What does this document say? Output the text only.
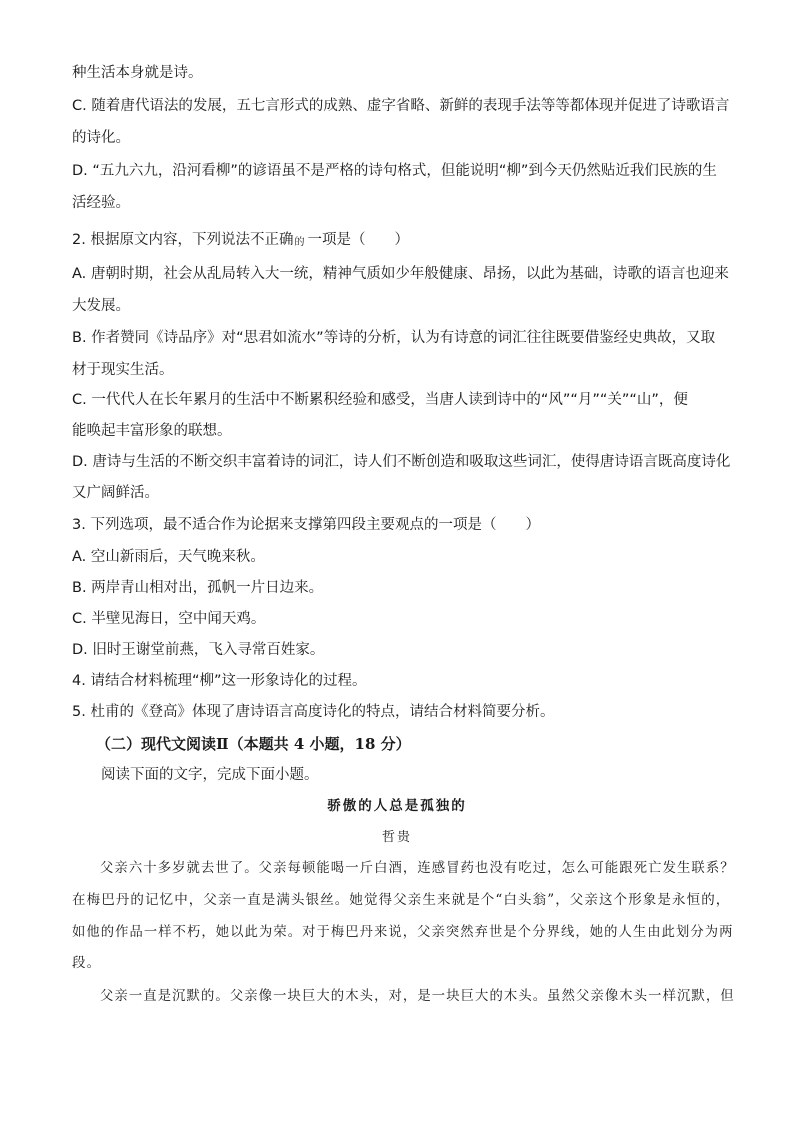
种生活本身就是诗。
C. 随着唐代语法的发展，五七言形式的成熟、虚字省略、新鲜的表现手法等等都体现并促进了诗歌语言
的诗化。
D. “五九六九，沿河看柳”的谚语虽不是严格的诗句格式，但能说明“柳”到今天仍然贴近我们民族的生
活经验。
2. 根据原文内容，下列说法不正确 的 一项是（　　）
A. 唐朝时期，社会从乱局转入大一统，精神气质如少年般健康、昂扬，以此为基础，诗歌的语言也迎来
大发展。
B. 作者赞同《诗品序》对“思君如流水”等诗的分析，认为有诗意的词汇往往既要借鉴经史典故，又取
材于现实生活。
C. 一代代人在长年累月的生活中不断累积经验和感受，当唐人读到诗中的“风”“月”“关”“山”，便
能唤起丰富形象的联想。
D. 唐诗与生活的不断交织丰富着诗的词汇，诗人们不断创造和吸取这些词汇，使得唐诗语言既高度诗化
又广阔鲜活。
3. 下列选项，最不适合作为论据来支撑第四段主要观点的一项是（　　）
A. 空山新雨后，天气晚来秋。
B. 两岸青山相对出，孤帆一片日边来。
C. 半壁见海日，空中闻天鸡。
D. 旧时王谢堂前燕，飞入寻常百姓家。
4. 请结合材料梳理“柳”这一形象诗化的过程。
5. 杜甫的《登高》体现了唐诗语言高度诗化的特点，请结合材料简要分析。
（二）现代文阅读Ⅱ（本题共 4 小题，18 分）
阅读下面的文字，完成下面小题。
骄傲的人总是孤独的
哲贵
父亲六十多岁就去世了。父亲每顿能喝一斤白酒，连感冒药也没有吃过，怎么可能跟死亡发生联系？
在梅巴丹的记忆中，父亲一直是满头银丝。她觉得父亲生来就是个“白头翁”，父亲这个形象是永恒的，
如他的作品一样不朽，她以此为荣。对于梅巴丹来说，父亲突然弃世是个分界线，她的人生由此划分为两
段。
父亲一直是沉默的。父亲像一块巨大的木头，对，是一块巨大的木头。虽然父亲像木头一样沉默，但
